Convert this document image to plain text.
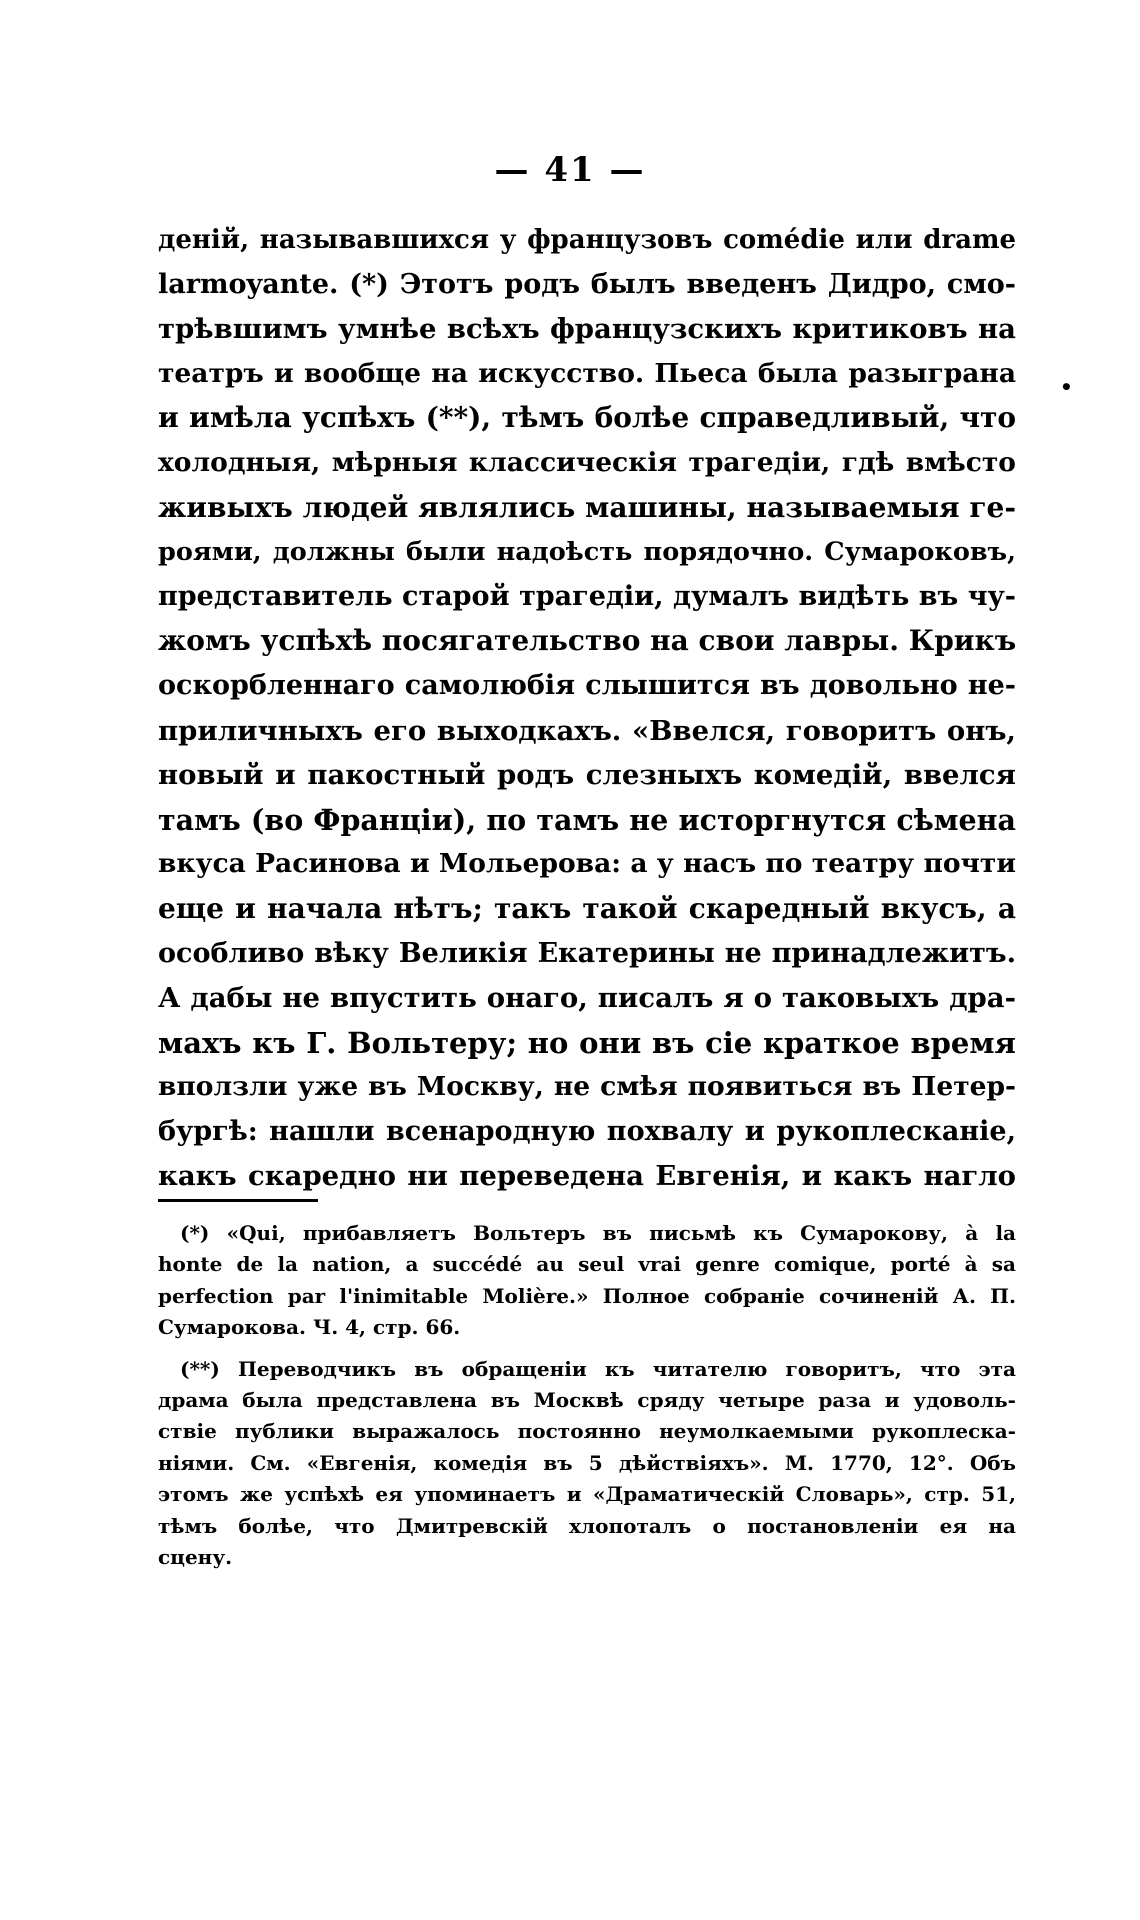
— 41 —
•
деній, называвшихся у французовъ comédie или drame
larmoyante. (*) Этотъ родъ былъ введенъ Дидро, смо-
трѣвшимъ умнѣе всѣхъ французскихъ критиковъ на
театръ и вообще на искусство. Пьеса была разыграна
и имѣла успѣхъ (**), тѣмъ болѣе справедливый, что
холодныя, мѣрныя классическія трагедіи, гдѣ вмѣсто
живыхъ людей являлись машины, называемыя ге-
роями, должны были надоѣсть порядочно. Сумароковъ,
представитель старой трагедіи, думалъ видѣть въ чу-
жомъ успѣхѣ посягательство на свои лавры. Крикъ
оскорбленнаго самолюбія слышится въ довольно не-
приличныхъ его выходкахъ. «Ввелся, говоритъ онъ,
новый и пакостный родъ слезныхъ комедій, ввелся
тамъ (во Франціи), по тамъ не исторгнутся сѣмена
вкуса Расинова и Мольерова: а у насъ по театру почти
еще и начала нѣтъ; такъ такой скаредный вкусъ, а
особливо вѣку Великія Екатерины не принадлежитъ.
А дабы не впустить онаго, писалъ я о таковыхъ дра-
махъ къ Г. Вольтеру; но они въ сіе краткое время
вползли уже въ Москву, не смѣя появиться въ Петер-
бургѣ: нашли всенародную похвалу и рукоплесканіе,
какъ скаредно ни переведена Евгенія, и какъ нагло
(*) «Qui, прибавляетъ Вольтеръ въ письмѣ къ Сумарокову, à la
honte de la nation, a succédé au seul vrai genre comique, porté à sa
perfection par l'inimitable Molière.» Полное собраніе сочиненій А. П.
Сумарокова. Ч. 4, стр. 66.
(**) Переводчикъ въ обращеніи къ читателю говоритъ, что эта
драма была представлена въ Москвѣ сряду четыре раза и удоволь-
ствіе публики выражалось постоянно неумолкаемыми рукоплеска-
ніями. См. «Евгенія, комедія въ 5 дѣйствіяхъ». М. 1770, 12°. Объ
этомъ же успѣхѣ ея упоминаетъ и «Драматическій Словарь», стр. 51,
тѣмъ болѣе, что Дмитревскій хлопоталъ о постановленіи ея на
сцену.
